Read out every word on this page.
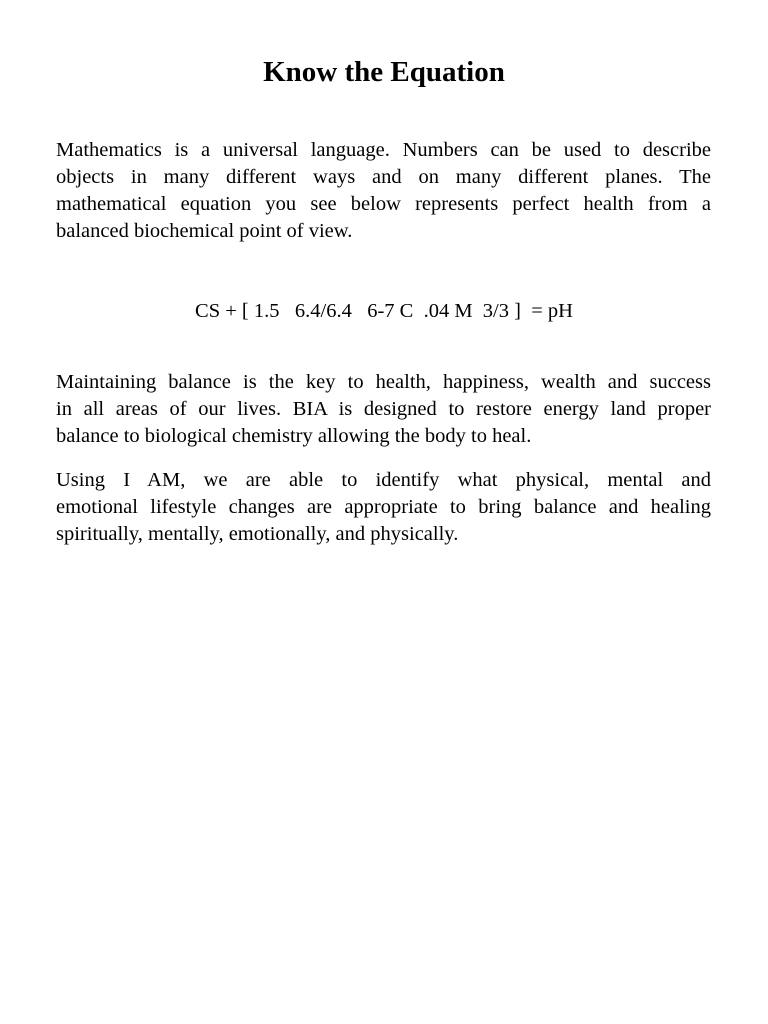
Know the Equation
Mathematics is a universal language. Numbers can be used to describe
objects in many different ways and on many different planes. The
mathematical equation you see below represents perfect health from a
balanced biochemical point of view.

CS + [ 1.5   6.4/6.4   6-7 C  .04 M  3/3 ]  = pH

Maintaining balance is the key to health, happiness, wealth and success
in all areas of our lives. BIA is designed to restore energy land proper
balance to biological chemistry allowing the body to heal.
Using I AM, we are able to identify what physical, mental and
emotional lifestyle changes are appropriate to bring balance and healing
spiritually, mentally, emotionally, and physically.
